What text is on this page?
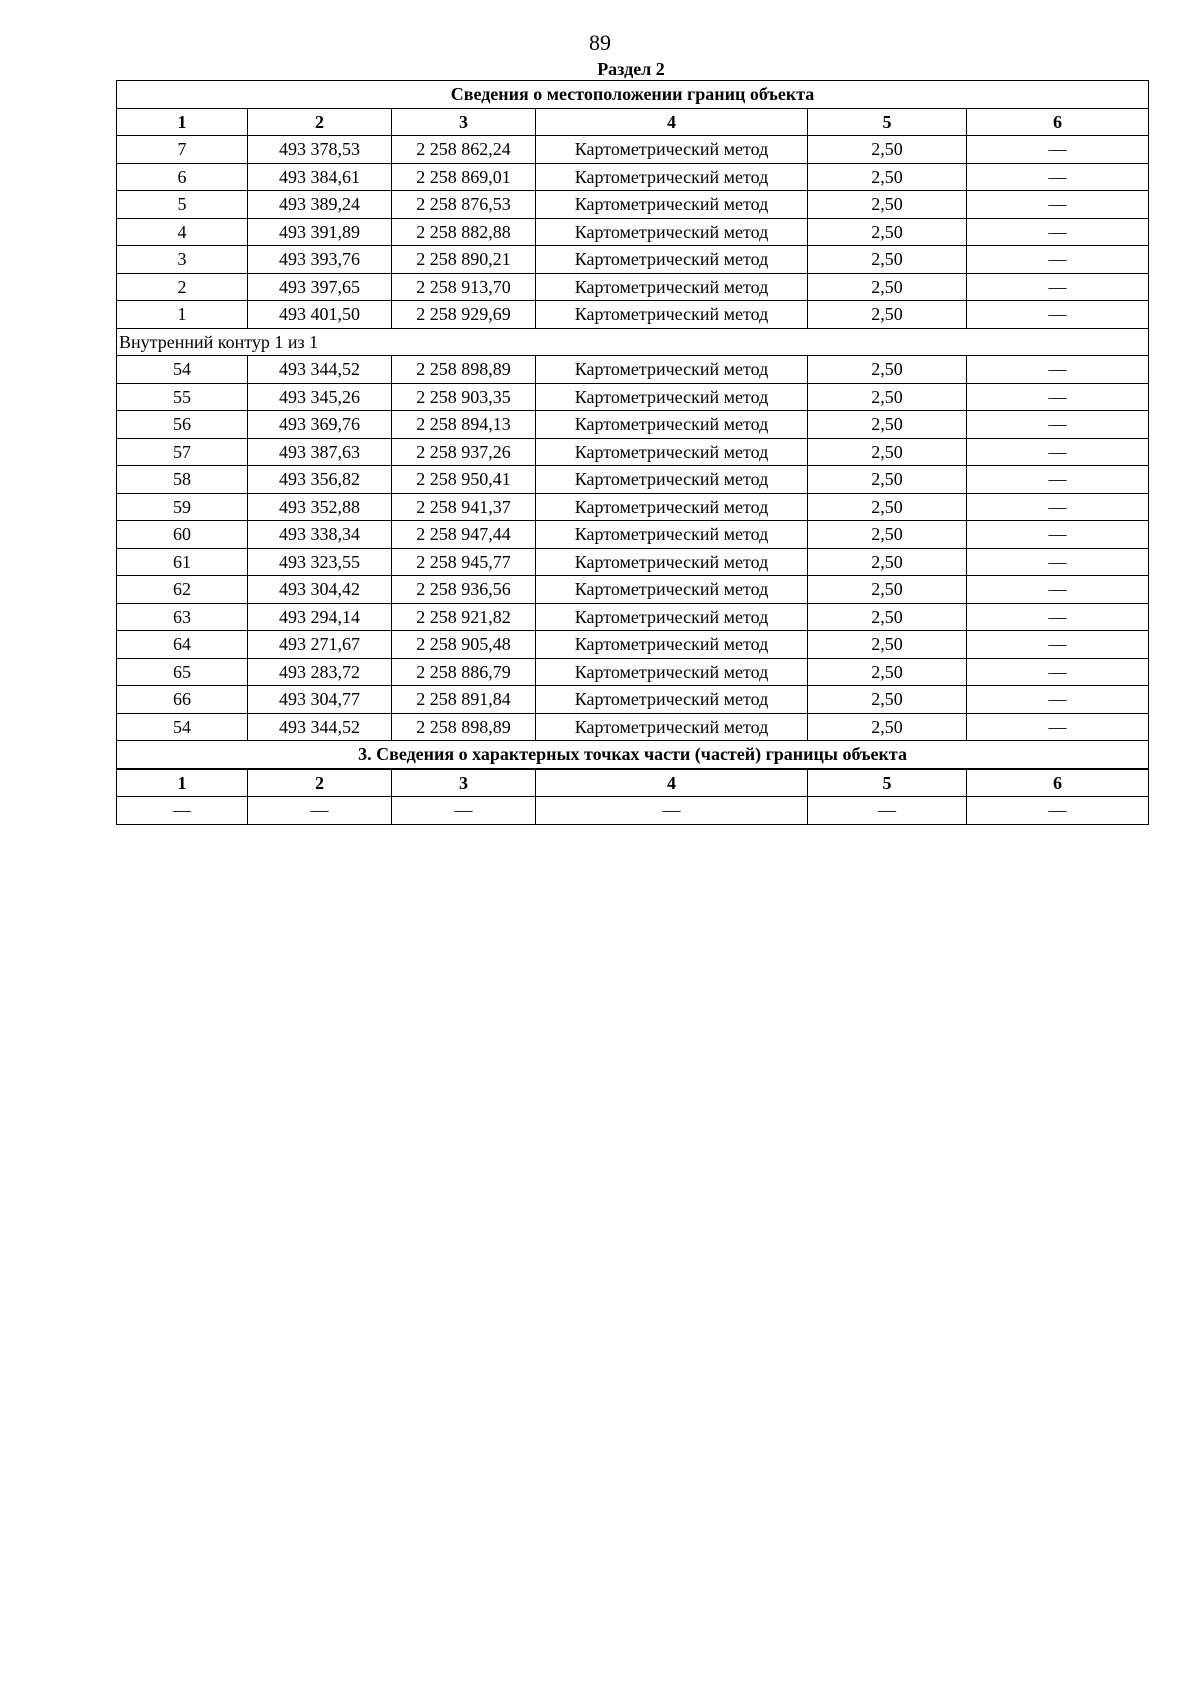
89
Раздел 2
Сведения о местоположении границ объекта					
1	2	3	4	5	6
7	493 378,53	2 258 862,24	Картометрический метод	2,50	—
6	493 384,61	2 258 869,01	Картометрический метод	2,50	—
5	493 389,24	2 258 876,53	Картометрический метод	2,50	—
4	493 391,89	2 258 882,88	Картометрический метод	2,50	—
3	493 393,76	2 258 890,21	Картометрический метод	2,50	—
2	493 397,65	2 258 913,70	Картометрический метод	2,50	—
1	493 401,50	2 258 929,69	Картометрический метод	2,50	—
Внутренний контур 1 из 1					
54	493 344,52	2 258 898,89	Картометрический метод	2,50	—
55	493 345,26	2 258 903,35	Картометрический метод	2,50	—
56	493 369,76	2 258 894,13	Картометрический метод	2,50	—
57	493 387,63	2 258 937,26	Картометрический метод	2,50	—
58	493 356,82	2 258 950,41	Картометрический метод	2,50	—
59	493 352,88	2 258 941,37	Картометрический метод	2,50	—
60	493 338,34	2 258 947,44	Картометрический метод	2,50	—
61	493 323,55	2 258 945,77	Картометрический метод	2,50	—
62	493 304,42	2 258 936,56	Картометрический метод	2,50	—
63	493 294,14	2 258 921,82	Картометрический метод	2,50	—
64	493 271,67	2 258 905,48	Картометрический метод	2,50	—
65	493 283,72	2 258 886,79	Картометрический метод	2,50	—
66	493 304,77	2 258 891,84	Картометрический метод	2,50	—
54	493 344,52	2 258 898,89	Картометрический метод	2,50	—
3. Сведения о характерных точках части (частей) границы объекта					
1	2	3	4	5	6
—	—	—	—	—	—
